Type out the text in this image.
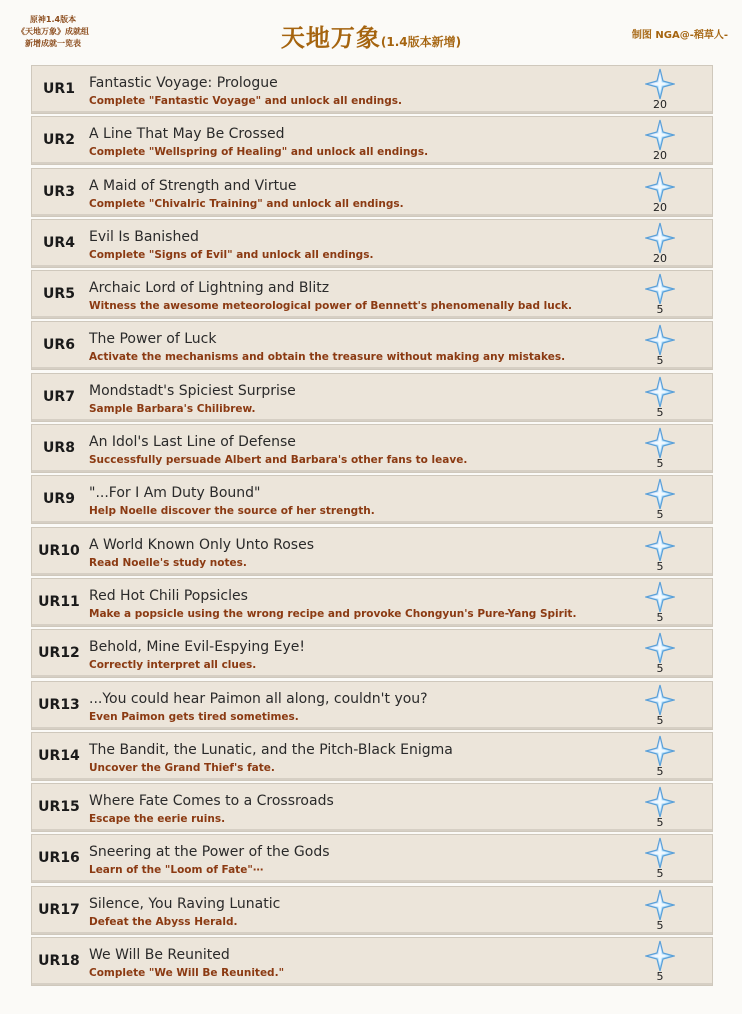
原神1.4版本
《天地万象》成就组
新增成就一览表	天地万象(1.4版本新增)	制图 NGA@-稻草人-
UR1	Fantastic Voyage: Prologue
Complete "Fantastic Voyage" and unlock all endings.	20
UR2	A Line That May Be Crossed
Complete "Wellspring of Healing" and unlock all endings.	20
UR3	A Maid of Strength and Virtue
Complete "Chivalric Training" and unlock all endings.	20
UR4	Evil Is Banished
Complete "Signs of Evil" and unlock all endings.	20
UR5	Archaic Lord of Lightning and Blitz
Witness the awesome meteorological power of Bennett's phenomenally bad luck.	5
UR6	The Power of Luck
Activate the mechanisms and obtain the treasure without making any mistakes.	5
UR7	Mondstadt's Spiciest Surprise
Sample Barbara's Chilibrew.	5
UR8	An Idol's Last Line of Defense
Successfully persuade Albert and Barbara's other fans to leave.	5
UR9	"...For I Am Duty Bound"
Help Noelle discover the source of her strength.	5
UR10 A World Known Only Unto Roses
Read Noelle's study notes.	5
UR11 Red Hot Chili Popsicles
Make a popsicle using the wrong recipe and provoke Chongyun's Pure-Yang Spirit.	5
UR12 Behold, Mine Evil-Espying Eye!
Correctly interpret all clues.	5
UR13 ...You could hear Paimon all along, couldn't you?
Even Paimon gets tired sometimes.	5
UR14 The Bandit, the Lunatic, and the Pitch-Black Enigma
Uncover the Grand Thief's fate.	5
UR15 Where Fate Comes to a Crossroads
Escape the eerie ruins.	5
UR16 Sneering at the Power of the Gods
Learn of the "Loom of Fate"⋯	5
UR17 Silence, You Raving Lunatic
Defeat the Abyss Herald.	5
UR18 We Will Be Reunited
Complete "We Will Be Reunited."	5
